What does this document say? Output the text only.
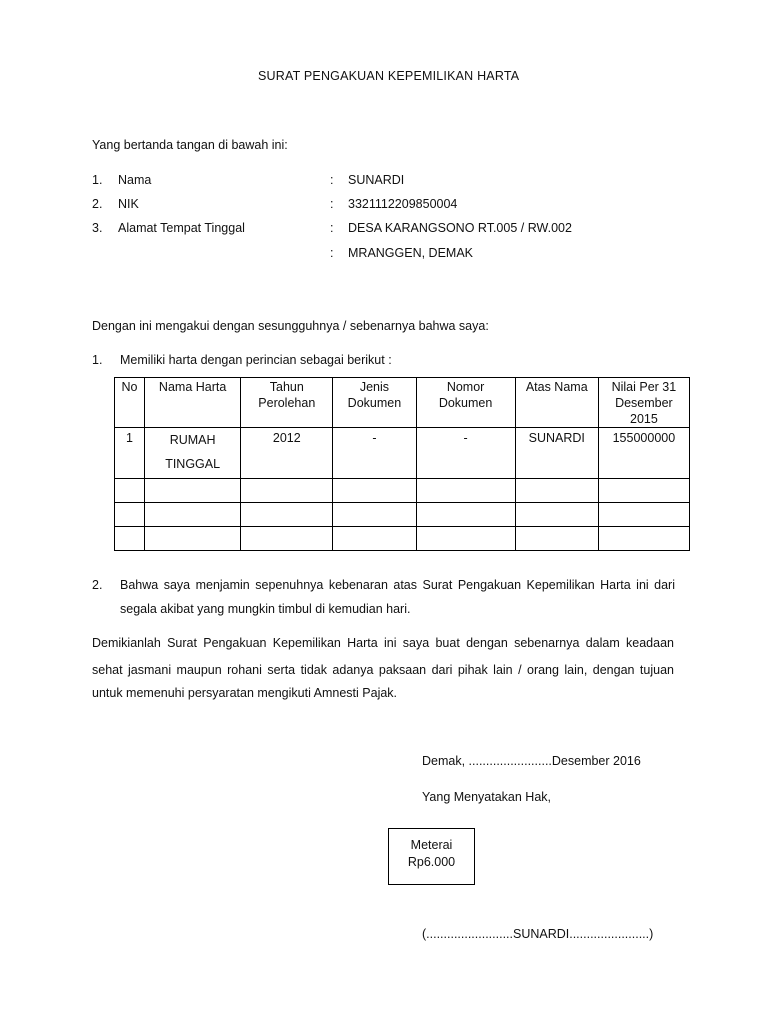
SURAT PENGAKUAN KEPEMILIKAN HARTA
Yang bertanda tangan di bawah ini:
1. Nama	: SUNARDI
2. NIK	: 3321112209850004
3. Alamat Tempat Tinggal	: DESA KARANGSONO RT.005 / RW.002
: MRANGGEN, DEMAK
Dengan ini mengakui dengan sesungguhnya / sebenarnya bahwa saya:
1. Memiliki harta dengan perincian sebagai berikut :
No	Nama Harta	Tahun Perolehan	Jenis Dokumen	Nomor Dokumen	Atas Nama	Nilai Per 31 Desember 2015
1	RUMAH TINGGAL	2012	-	-	SUNARDI	155000000

2. Bahwa saya menjamin sepenuhnya kebenaran atas Surat Pengakuan Kepemilikan Harta ini dari
segala akibat yang mungkin timbul di kemudian hari.
Demikianlah Surat Pengakuan Kepemilikan Harta ini saya buat dengan sebenarnya dalam keadaan
sehat jasmani maupun rohani serta tidak adanya paksaan dari pihak lain / orang lain, dengan tujuan
untuk memenuhi persyaratan mengikuti Amnesti Pajak.
Demak, ........................Desember 2016
Yang Menyatakan Hak,
Meterai
Rp6.000
(.........................SUNARDI.......................)
